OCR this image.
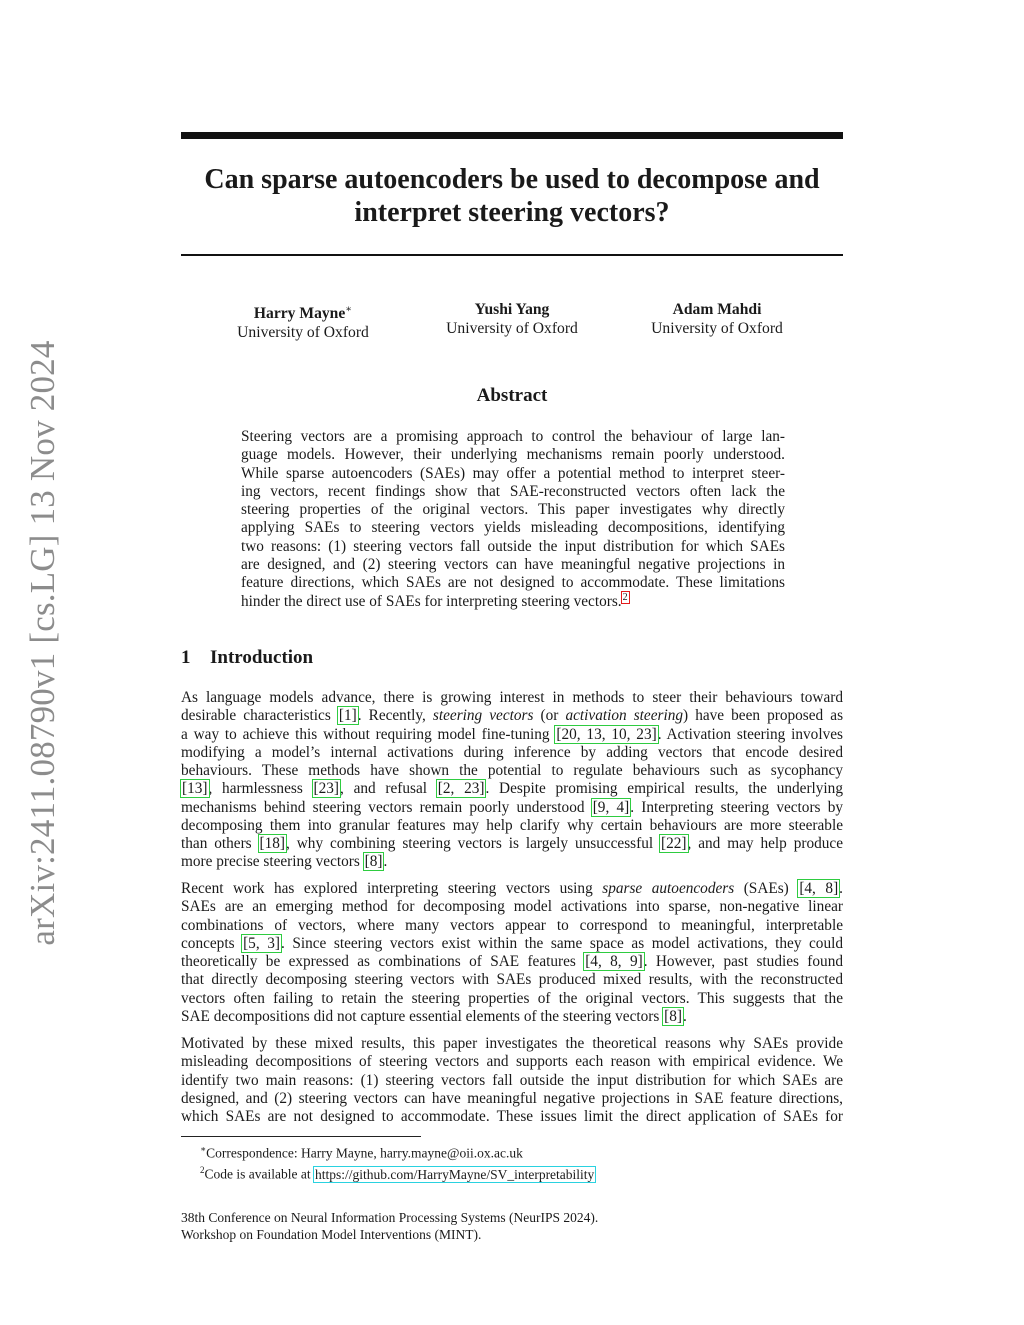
arXiv:2411.08790v1 [cs.LG] 13 Nov 2024
Can sparse autoencoders be used to decompose and
interpret steering vectors?
Harry Mayne∗
University of Oxford
Yushi Yang
University of Oxford
Adam Mahdi
University of Oxford
Abstract
Steering vectors are a promising approach to control the behaviour of large lan-
guage models. However, their underlying mechanisms remain poorly understood.
While sparse autoencoders (SAEs) may offer a potential method to interpret steer-
ing vectors, recent findings show that SAE-reconstructed vectors often lack the
steering properties of the original vectors. This paper investigates why directly
applying SAEs to steering vectors yields misleading decompositions, identifying
two reasons: (1) steering vectors fall outside the input distribution for which SAEs
are designed, and (2) steering vectors can have meaningful negative projections in
feature directions, which SAEs are not designed to accommodate. These limitations
hinder the direct use of SAEs for interpreting steering vectors.$^2$
1 Introduction
As language models advance, there is growing interest in methods to steer their behaviours toward
desirable characteristics [1]. Recently, steering vectors (or activation steering) have been proposed as
a way to achieve this without requiring model fine-tuning [20, 13, 10, 23]. Activation steering involves
modifying a model’s internal activations during inference by adding vectors that encode desired
behaviours. These methods have shown the potential to regulate behaviours such as sycophancy
[13], harmlessness [23], and refusal [2, 23]. Despite promising empirical results, the underlying
mechanisms behind steering vectors remain poorly understood [9, 4]. Interpreting steering vectors by
decomposing them into granular features may help clarify why certain behaviours are more steerable
than others [18], why combining steering vectors is largely unsuccessful [22], and may help produce
more precise steering vectors [8].
Recent work has explored interpreting steering vectors using sparse autoencoders (SAEs) [4, 8].
SAEs are an emerging method for decomposing model activations into sparse, non-negative linear
combinations of vectors, where many vectors appear to correspond to meaningful, interpretable
concepts [5, 3]. Since steering vectors exist within the same space as model activations, they could
theoretically be expressed as combinations of SAE features [4, 8, 9]. However, past studies found
that directly decomposing steering vectors with SAEs produced mixed results, with the reconstructed
vectors often failing to retain the steering properties of the original vectors. This suggests that the
SAE decompositions did not capture essential elements of the steering vectors [8].
Motivated by these mixed results, this paper investigates the theoretical reasons why SAEs provide
misleading decompositions of steering vectors and supports each reason with empirical evidence. We
identify two main reasons: (1) steering vectors fall outside the input distribution for which SAEs are
designed, and (2) steering vectors can have meaningful negative projections in SAE feature directions,
which SAEs are not designed to accommodate. These issues limit the direct application of SAEs for
∗Correspondence: Harry Mayne, harry.mayne@oii.ox.ac.uk
$^2$Code is available at https://github.com/HarryMayne/SV_interpretability
38th Conference on Neural Information Processing Systems (NeurIPS 2024).
Workshop on Foundation Model Interventions (MINT).
